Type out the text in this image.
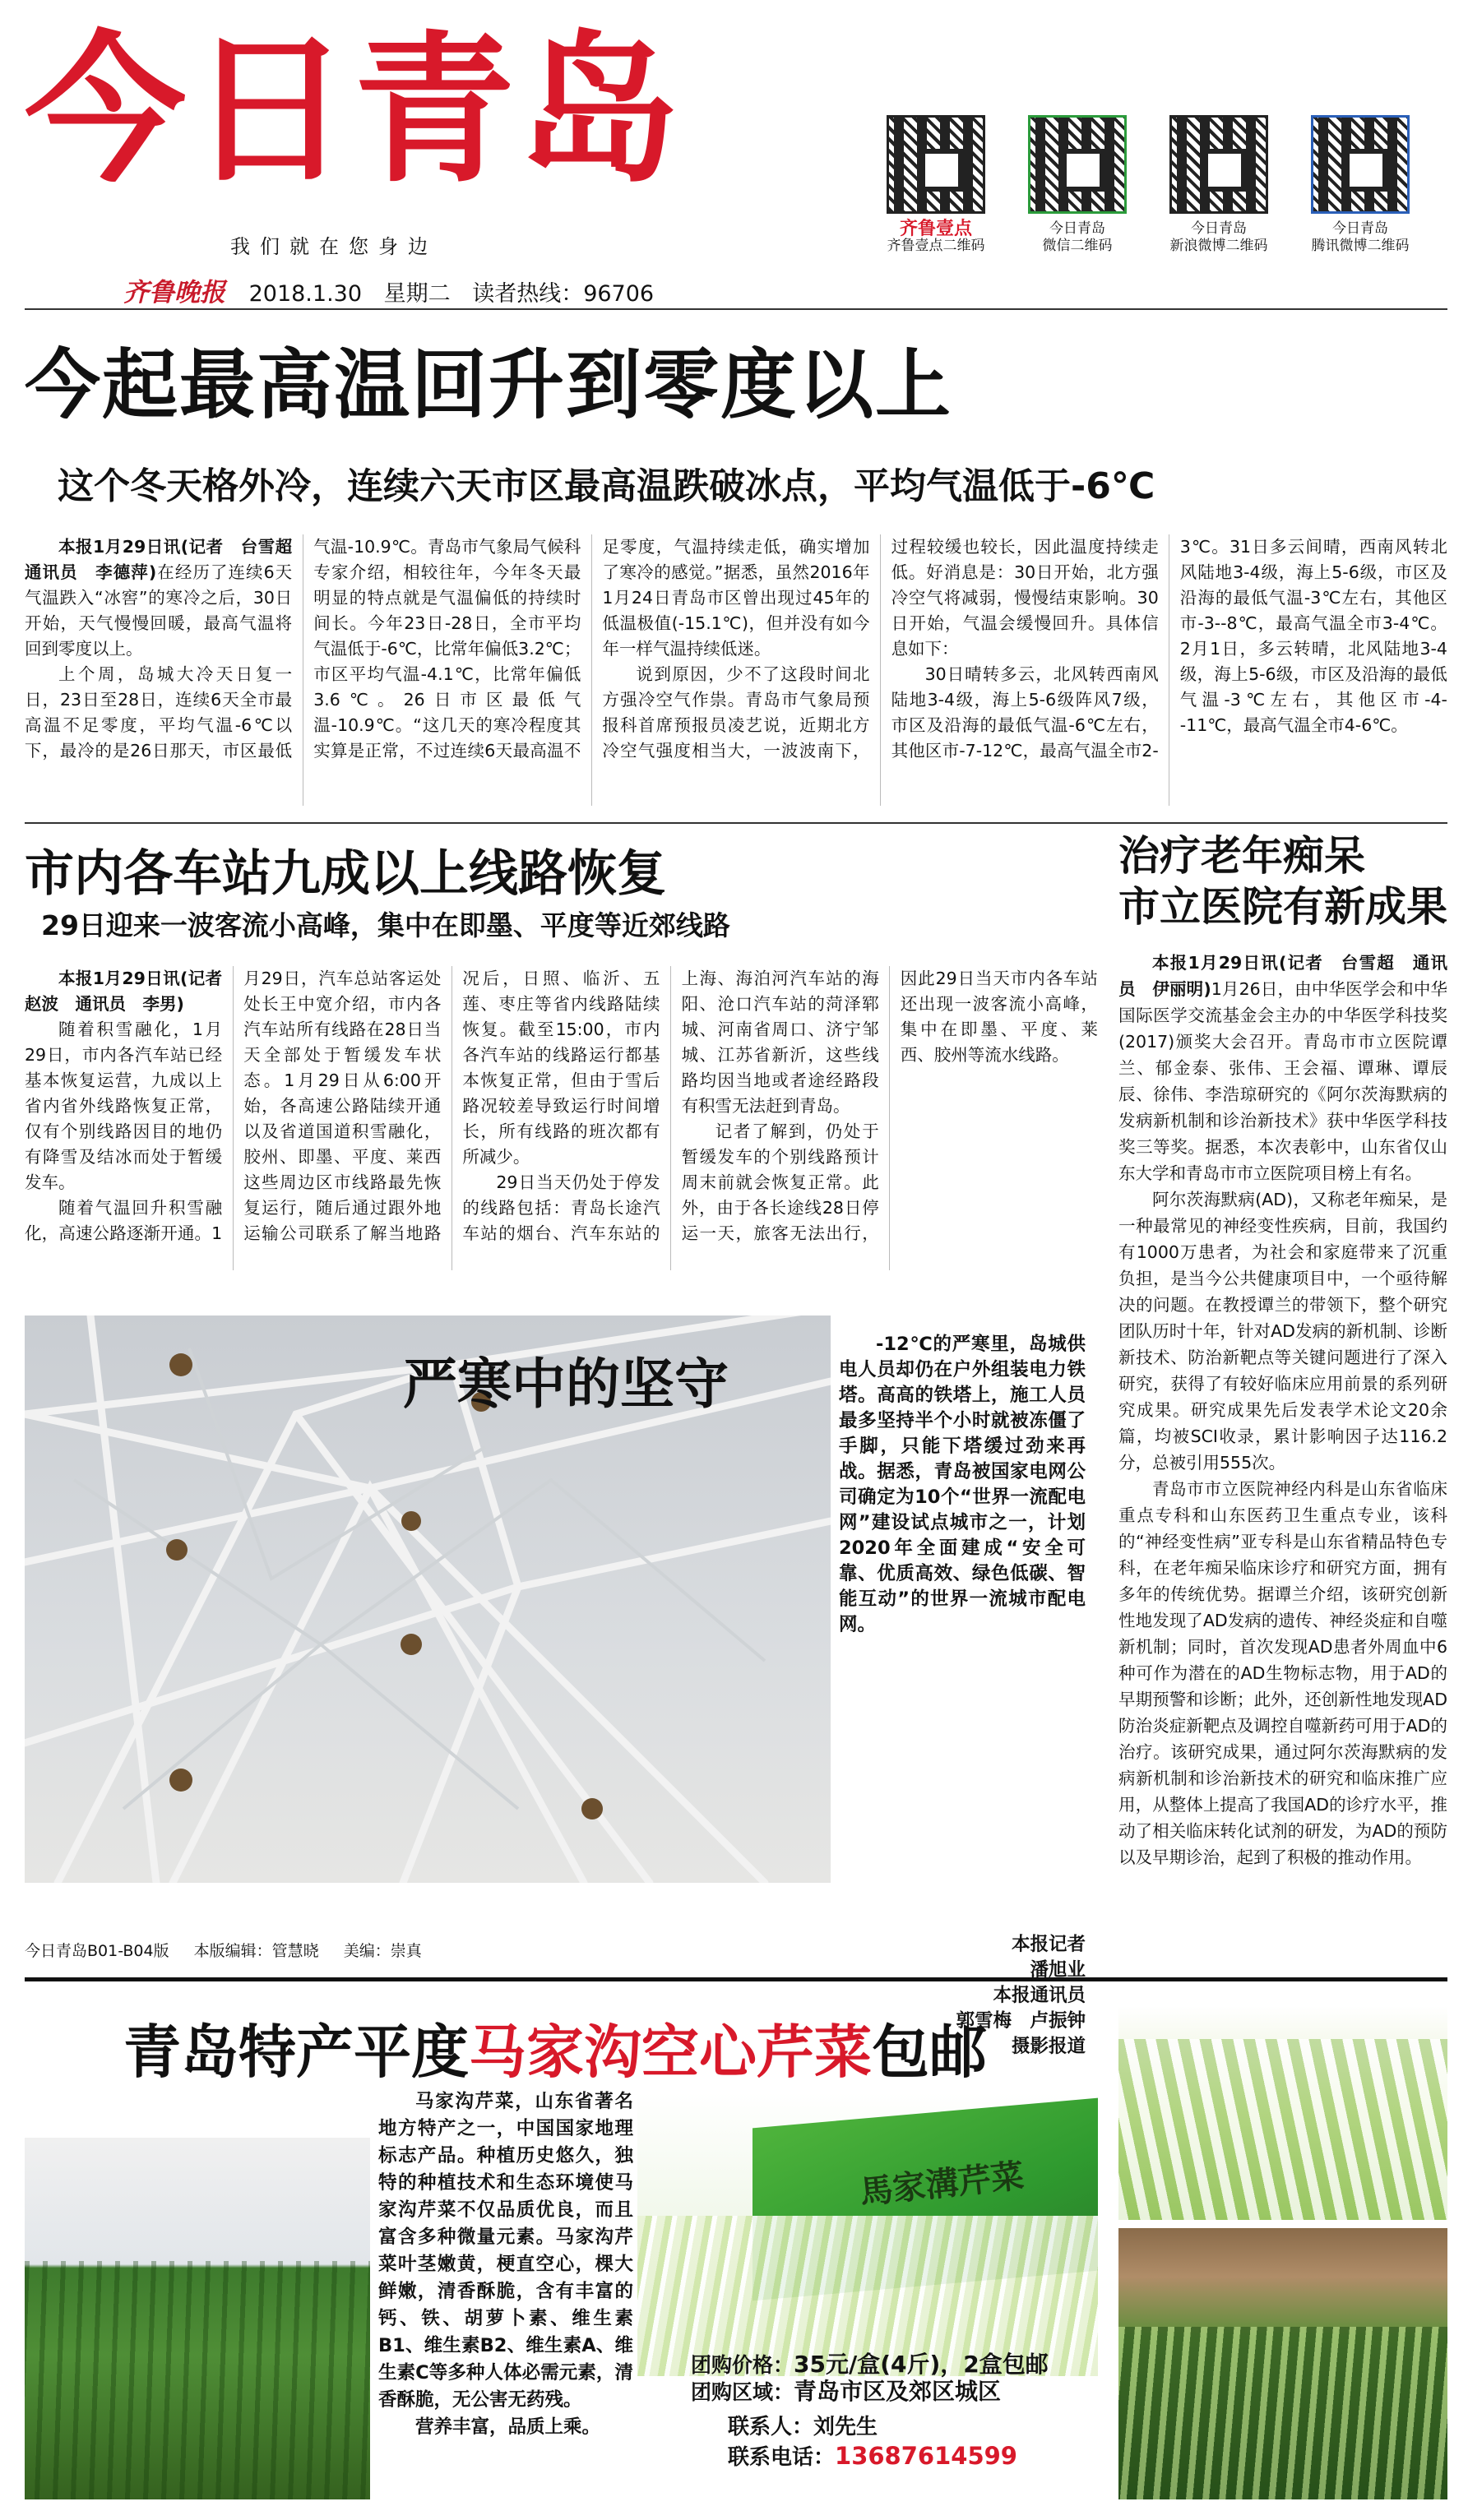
今日青岛
我们就在您身边
齐鲁晚报 2018.1.30 星期二 读者热线：96706
齐鲁壹点
齐鲁壹点二维码
今日青岛
微信二维码
今日青岛
新浪微博二维码
今日青岛
腾讯微博二维码
今起最高温回升到零度以上
这个冬天格外冷，连续六天市区最高温跌破冰点，平均气温低于-6℃

本报1月29日讯(记者　台雪超　通讯员　李德萍)在经历了连续6天气温跌入“冰窖”的寒冷之后，30日开始，天气慢慢回暖，最高气温将回到零度以上。

上个周，岛城大冷天日复一日，23日至28日，连续6天全市最高温不足零度，平均气温-6℃以下，最冷的是26日那天，市区最低气温-10.9℃。青岛市气象局气候科专家介绍，相较往年，今年冬天最明显的特点就是气温偏低的持续时间长。今年23日-28日，全市平均气温低于-6℃，比常年偏低3.2℃；市区平均气温-4.1℃，比常年偏低3.6℃。26日市区最低气温-10.9℃。“这几天的寒冷程度其实算是正常，不过连续6天最高温不足零度，气温持续走低，确实增加了寒冷的感觉。”据悉，虽然2016年1月24日青岛市区曾出现过45年的低温极值(-15.1℃)，但并没有如今年一样气温持续低迷。

说到原因，少不了这段时间北方强冷空气作祟。青岛市气象局预报科首席预报员凌艺说，近期北方冷空气强度相当大，一波波南下，过程较缓也较长，因此温度持续走低。好消息是：30日开始，北方强冷空气将减弱，慢慢结束影响。30日开始，气温会缓慢回升。具体信息如下：

30日晴转多云，北风转西南风陆地3-4级，海上5-6级阵风7级，市区及沿海的最低气温-6℃左右，其他区市-7-12℃，最高气温全市2-3℃。31日多云间晴，西南风转北风陆地3-4级，海上5-6级，市区及沿海的最低气温-3℃左右，其他区市-3--8℃，最高气温全市3-4℃。2月1日，多云转晴，北风陆地3-4级，海上5-6级，市区及沿海的最低气温-3℃左右，其他区市-4--11℃，最高气温全市4-6℃。

市内各车站九成以上线路恢复
29日迎来一波客流小高峰，集中在即墨、平度等近郊线路

本报1月29日讯(记者　赵波　通讯员　李男)

随着积雪融化，1月29日，市内各汽车站已经基本恢复运营，九成以上省内省外线路恢复正常，仅有个别线路因目的地仍有降雪及结冰而处于暂缓发车。

随着气温回升积雪融化，高速公路逐渐开通。1月29日，汽车总站客运处处长王中宽介绍，市内各汽车站所有线路在28日当天全部处于暂缓发车状态。1月29日从6:00开始，各高速公路陆续开通以及省道国道积雪融化，胶州、即墨、平度、莱西这些周边区市线路最先恢复运行，随后通过跟外地运输公司联系了解当地路况后，日照、临沂、五莲、枣庄等省内线路陆续恢复。截至15:00，市内各汽车站的线路运行都基本恢复正常，但由于雪后路况较差导致运行时间增长，所有线路的班次都有所减少。

29日当天仍处于停发的线路包括：青岛长途汽车站的烟台、汽车东站的上海、海泊河汽车站的海阳、沧口汽车站的菏泽郓城、河南省周口、济宁邹城、江苏省新沂，这些线路均因当地或者途经路段有积雪无法赶到青岛。

记者了解到，仍处于暂缓发车的个别线路预计周末前就会恢复正常。此外，由于各长途线28日停运一天，旅客无法出行，因此29日当天市内各车站还出现一波客流小高峰，集中在即墨、平度、莱西、胶州等流水线路。

严寒中的坚守

-12℃的严寒里，岛城供电人员却仍在户外组装电力铁塔。高高的铁塔上，施工人员最多坚持半个小时就被冻僵了手脚，只能下塔缓过劲来再战。据悉，青岛被国家电网公司确定为10个“世界一流配电网”建设试点城市之一，计划2020年全面建成“安全可靠、优质高效、绿色低碳、智能互动”的世界一流城市配电网。

本报记者
潘旭业
本报通讯员
郭雪梅　卢振钟
摄影报道
治疗老年痴呆
市立医院有新成果

本报1月29日讯(记者　台雪超　通讯员　伊丽明)1月26日，由中华医学会和中华国际医学交流基金会主办的中华医学科技奖(2017)颁奖大会召开。青岛市市立医院谭兰、郁金泰、张伟、王会福、谭琳、谭辰辰、徐伟、李浩琼研究的《阿尔茨海默病的发病新机制和诊治新技术》获中华医学科技奖三等奖。据悉，本次表彰中，山东省仅山东大学和青岛市市立医院项目榜上有名。

阿尔茨海默病(AD)，又称老年痴呆，是一种最常见的神经变性疾病，目前，我国约有1000万患者，为社会和家庭带来了沉重负担，是当今公共健康项目中，一个亟待解决的问题。在教授谭兰的带领下，整个研究团队历时十年，针对AD发病的新机制、诊断新技术、防治新靶点等关键问题进行了深入研究，获得了有较好临床应用前景的系列研究成果。研究成果先后发表学术论文20余篇，均被SCI收录，累计影响因子达116.2分，总被引用555次。

青岛市市立医院神经内科是山东省临床重点专科和山东医药卫生重点专业，该科的“神经变性病”亚专科是山东省精品特色专科，在老年痴呆临床诊疗和研究方面，拥有多年的传统优势。据谭兰介绍，该研究创新性地发现了AD发病的遗传、神经炎症和自噬新机制；同时，首次发现AD患者外周血中6种可作为潜在的AD生物标志物，用于AD的早期预警和诊断；此外，还创新性地发现AD防治炎症新靶点及调控自噬新药可用于AD的治疗。该研究成果，通过阿尔茨海默病的发病新机制和诊治新技术的研究和临床推广应用，从整体上提高了我国AD的诊疗水平，推动了相关临床转化试剂的研发，为AD的预防以及早期诊治，起到了积极的推动作用。

今日青岛B01-B04版 本版编辑：管慧晓 美编：崇真
青岛特产平度马家沟空心芹菜包邮

马家沟芹菜，山东省著名地方特产之一，中国国家地理标志产品。种植历史悠久，独特的种植技术和生态环境使马家沟芹菜不仅品质优良，而且富含多种微量元素。马家沟芹菜叶茎嫩黄，梗直空心，棵大鲜嫩，清香酥脆，含有丰富的钙、铁、胡萝卜素、维生素B1、维生素B2、维生素A、维生素C等多种人体必需元素，清香酥脆，无公害无药残。

营养丰富，品质上乘。

馬家溝芹菜
团购价格：35元/盒(4斤)，2盒包邮
团购区域：青岛市区及郊区城区
联系人：刘先生
联系电话：13687614599
